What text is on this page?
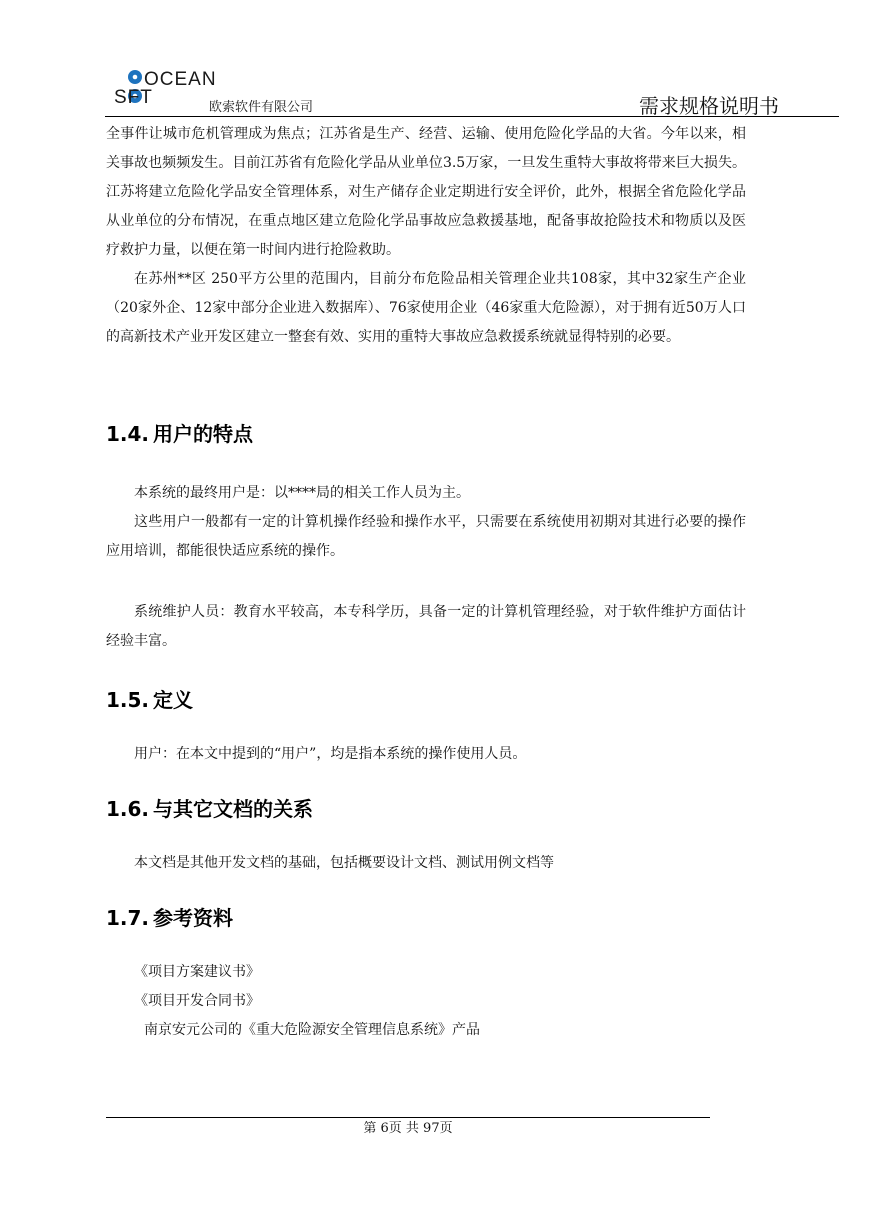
OCEAN
SFT	欧索软件有限公司	需求规格说明书

全事件让城市危机管理成为焦点；江苏省是生产、经营、运输、使用危险化学品的大省。今年以来，相关事故也频频发生。目前江苏省有危险化学品从业单位3.5万家，一旦发生重特大事故将带来巨大损失。江苏将建立危险化学品安全管理体系，对生产储存企业定期进行安全评价，此外，根据全省危险化学品从业单位的分布情况，在重点地区建立危险化学品事故应急救援基地，配备事故抢险技术和物质以及医疗救护力量，以便在第一时间内进行抢险救助。

在苏州**区 250平方公里的范围内，目前分布危险品相关管理企业共108家，其中32家生产企业（20家外企、12家中部分企业进入数据库）、76家使用企业（46家重大危险源），对于拥有近50万人口的高新技术产业开发区建立一整套有效、实用的重特大事故应急救援系统就显得特别的必要。

1.4. 用户的特点

本系统的最终用户是：以****局的相关工作人员为主。

这些用户一般都有一定的计算机操作经验和操作水平，只需要在系统使用初期对其进行必要的操作应用培训，都能很快适应系统的操作。

系统维护人员：教育水平较高，本专科学历，具备一定的计算机管理经验，对于软件维护方面估计经验丰富。

1.5. 定义

用户：在本文中提到的“用户”，均是指本系统的操作使用人员。

1.6. 与其它文档的关系

本文档是其他开发文档的基础，包括概要设计文档、测试用例文档等

1.7. 参考资料

《项目方案建议书》

《项目开发合同书》

南京安元公司的《重大危险源安全管理信息系统》产品

第 6页 共 97页
